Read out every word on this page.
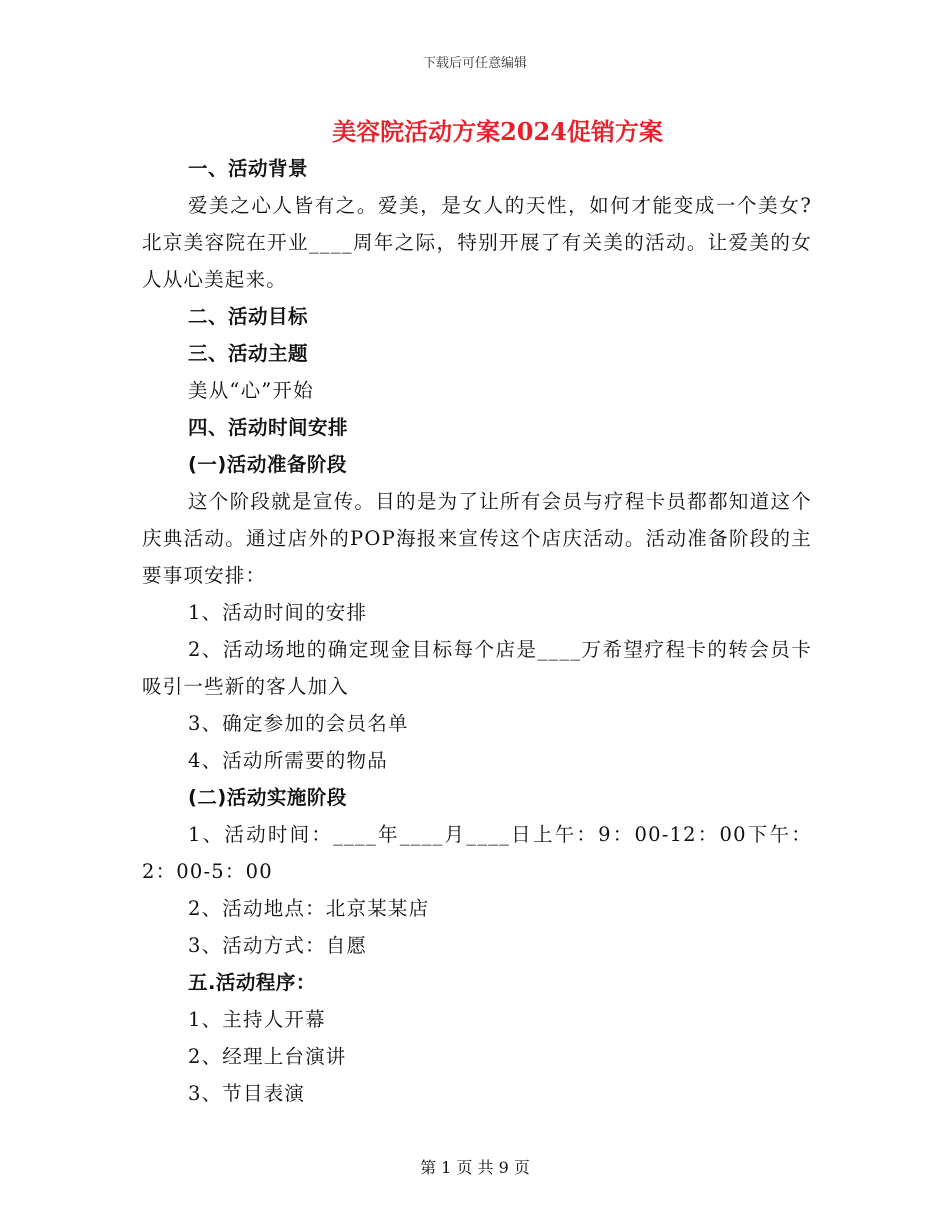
下载后可任意编辑
美容院活动方案2024促销方案

一、活动背景

爱美之心人皆有之。爱美，是女人的天性，如何才能变成一个美女?北京美容院在开业____周年之际，特别开展了有关美的活动。让爱美的女人从心美起来。

二、活动目标

三、活动主题

美从“心”开始

四、活动时间安排

(一)活动准备阶段

这个阶段就是宣传。目的是为了让所有会员与疗程卡员都都知道这个庆典活动。通过店外的POP海报来宣传这个店庆活动。活动准备阶段的主要事项安排：

1、活动时间的安排

2、活动场地的确定现金目标每个店是____万希望疗程卡的转会员卡吸引一些新的客人加入

3、确定参加的会员名单

4、活动所需要的物品

(二)活动实施阶段

1、活动时间：____年____月____日上午：9：00-12：00下午：2：00-5：00

2、活动地点：北京某某店

3、活动方式：自愿

五.活动程序：

1、主持人开幕

2、经理上台演讲

3、节目表演

第 1 页 共 9 页
